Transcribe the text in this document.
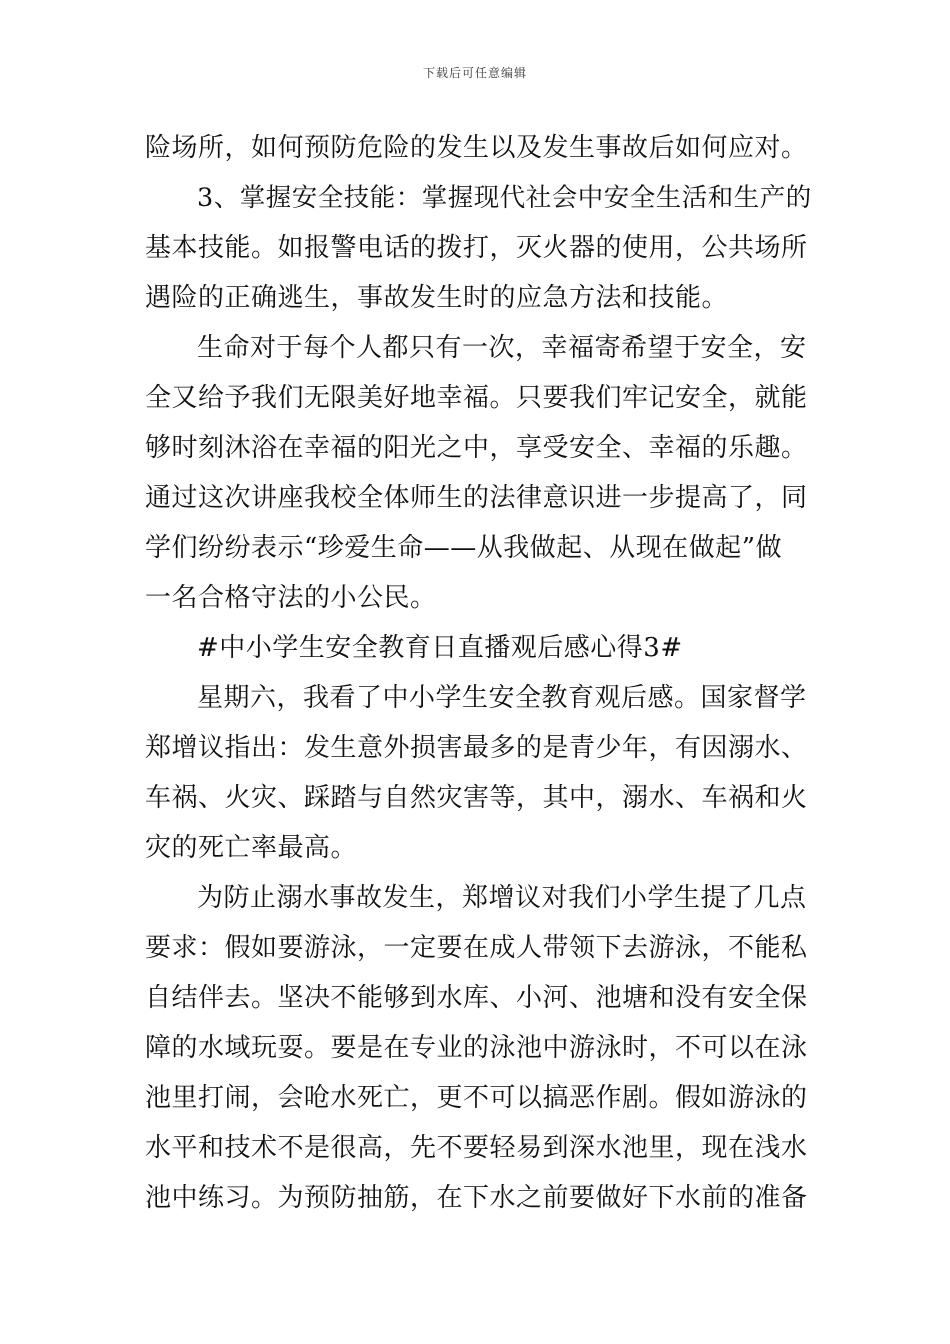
下载后可任意编辑
险场所，如何预防危险的发生以及发生事故后如何应对。
3、掌握安全技能：掌握现代社会中安全生活和生产的
基本技能。如报警电话的拨打，灭火器的使用，公共场所
遇险的正确逃生，事故发生时的应急方法和技能。
生命对于每个人都只有一次，幸福寄希望于安全，安
全又给予我们无限美好地幸福。只要我们牢记安全，就能
够时刻沐浴在幸福的阳光之中，享受安全、幸福的乐趣。
通过这次讲座我校全体师生的法律意识进一步提高了，同
学们纷纷表示“珍爱生命——从我做起、从现在做起”做
一名合格守法的小公民。
#中小学生安全教育日直播观后感心得3#
星期六，我看了中小学生安全教育观后感。国家督学
郑增议指出：发生意外损害最多的是青少年，有因溺水、
车祸、火灾、踩踏与自然灾害等，其中，溺水、车祸和火
灾的死亡率最高。
为防止溺水事故发生，郑增议对我们小学生提了几点
要求：假如要游泳，一定要在成人带领下去游泳，不能私
自结伴去。坚决不能够到水库、小河、池塘和没有安全保
障的水域玩耍。要是在专业的泳池中游泳时，不可以在泳
池里打闹，会呛水死亡，更不可以搞恶作剧。假如游泳的
水平和技术不是很高，先不要轻易到深水池里，现在浅水
池中练习。为预防抽筋，在下水之前要做好下水前的准备
